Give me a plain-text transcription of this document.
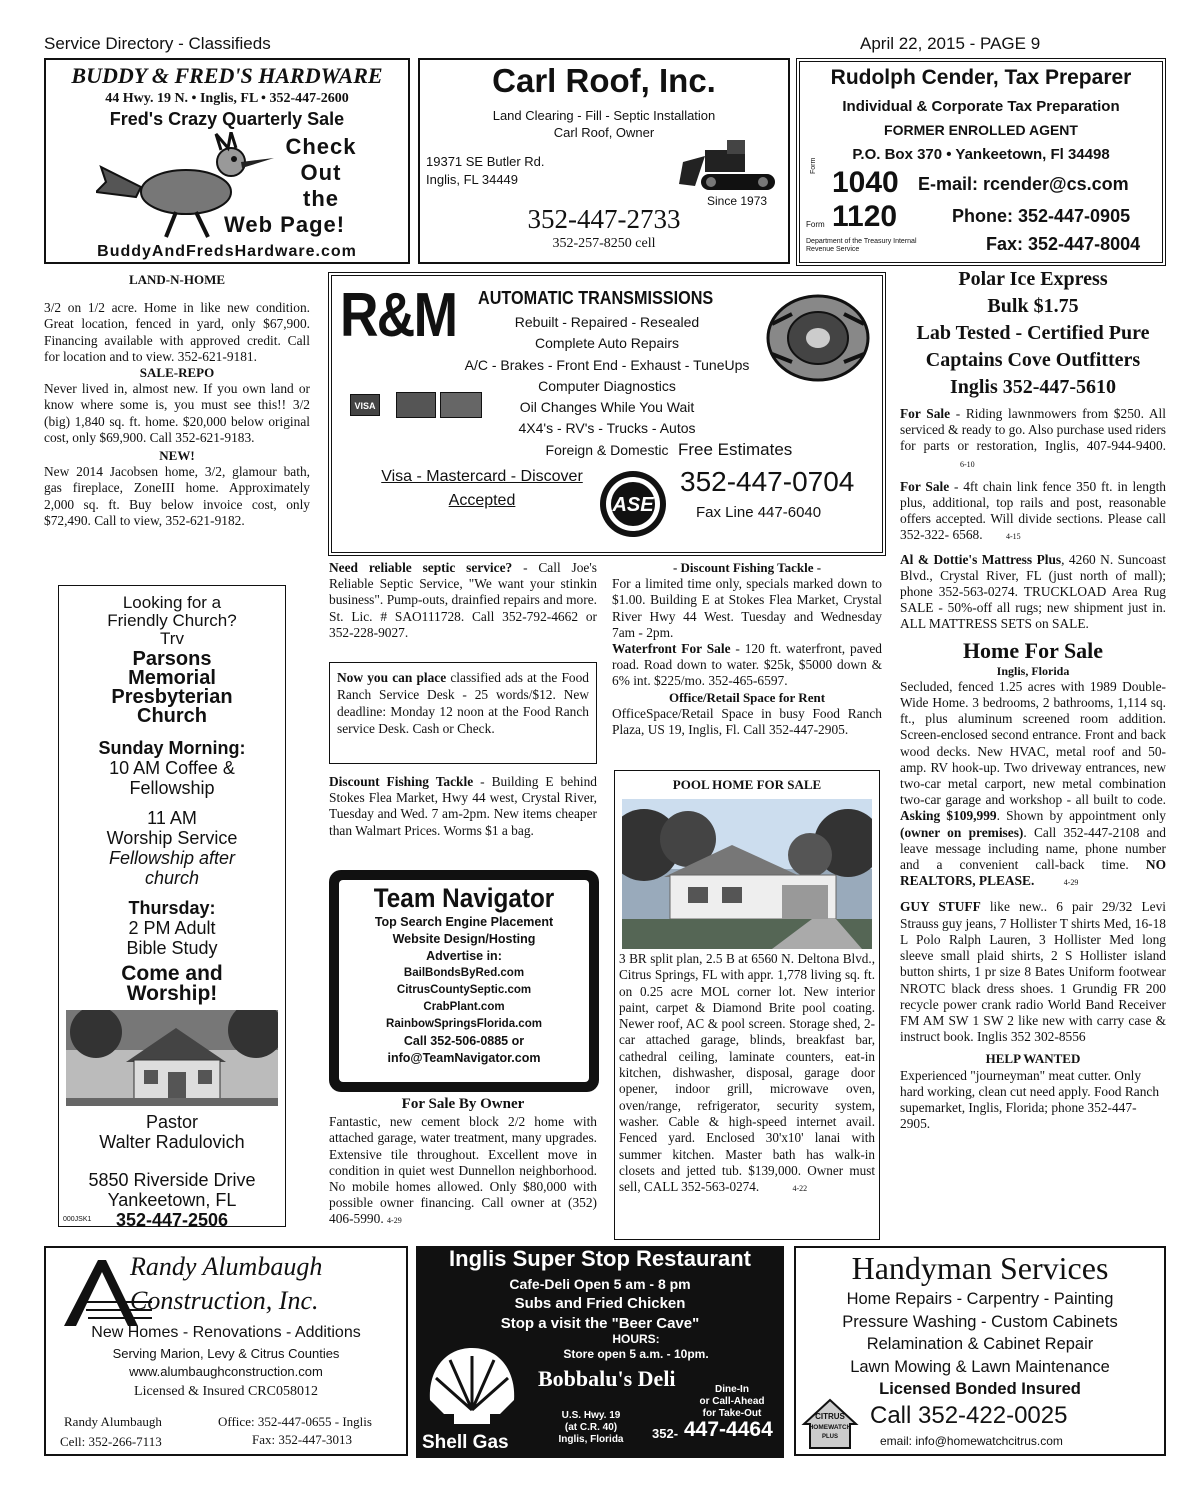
Service Directory - Classifieds	April 22, 2015 - PAGE 9
BUDDY & FRED'S HARDWARE
44 Hwy. 19 N. • Inglis, FL • 352-447-2600
Fred's Crazy Quarterly Sale
Check
Out
the
Web Page!
BuddyAndFredsHardware.com
Carl Roof, Inc.
Land Clearing - Fill - Septic Installation
Carl Roof, Owner
19371 SE Butler Rd.
Inglis, FL 34449
Since 1973
352-447-2733
352-257-8250 cell
Rudolph Cender, Tax Preparer
Individual & Corporate Tax Preparation
FORMER ENROLLED AGENT
P.O. Box 370 • Yankeetown, Fl 34498
Form
1040
Form 1120
Department of the Treasury Internal Revenue Service
E-mail: rcender@cs.com
Phone: 352-447-0905
Fax: 352-447-8004
LAND-N-HOME

3/2 on 1/2 acre. Home in like new condition. Great location, fenced in yard, only $67,900. Financing available with approved credit. Call for location and to view. 352-621-9181.

SALE-REPO

Never lived in, almost new. If you own land or know where some is, you must see this!! 3/2 (big) 1,840 sq. ft. home. $20,000 below original cost, only $69,900. Call 352-621-9183.

NEW!

New 2014 Jacobsen home, 3/2, glamour bath, gas fireplace, ZoneIII home. Approximately 2,000 sq. ft. Buy below invoice cost, only $72,490. Call to view, 352-621-9182.

Looking for a
Friendly Church?
Trv
Parsons
Memorial
Presbyterian
Church
Sunday Morning:
10 AM Coffee &
Fellowship
11 AM
Worship Service
Fellowship after
church
Thursday:
2 PM Adult
Bible Study
Come and
Worship!
Pastor
Walter Radulovich
5850 Riverside Drive
Yankeetown, FL
352-447-2506
000JSK1
R&M AUTOMATIC TRANSMISSIONS
Rebuilt - Repaired - Resealed
Complete Auto Repairs
A/C - Brakes - Front End - Exhaust - TuneUps
Computer Diagnostics
Oil Changes While You Wait
4X4's - RV's - Trucks - Autos
Foreign & Domestic
VISA
Free Estimates
Visa - Mastercard - Discover
Accepted	ASE
352-447-0704
Fax Line 447-6040

Need reliable septic service? - Call Joe's Reliable Septic Service, "We want your stinkin business". Pump-outs, drainfied repairs and more. St. Lic. # SAO111728. Call 352-792-4662 or 352-228-9027.

Now you can place classified ads at the Food Ranch Service Desk - 25 words/$12. New deadline: Monday 12 noon at the Food Ranch service Desk. Cash or Check.

Discount Fishing Tackle - Building E behind Stokes Flea Market, Hwy 44 west, Crystal River, Tuesday and Wed. 7 am-2pm. New items cheaper than Walmart Prices. Worms $1 a bag.

Team Navigator
Top Search Engine Placement
Website Design/Hosting
Advertise in:
BailBondsByRed.com
CitrusCountySeptic.com
CrabPlant.com
RainbowSpringsFlorida.com
Call 352-506-0885 or
info@TeamNavigator.com
For Sale By Owner

Fantastic, new cement block 2/2 home with attached garage, water treatment, many upgrades. Extensive tile throughout. Excellent move in condition in quiet west Dunnellon neighborhood. No mobile homes allowed. Only $80,000 with possible owner financing. Call owner at (352) 406-5990. 4-29

- Discount Fishing Tackle -

For a limited time only, specials marked down to $1.00. Building E at Stokes Flea Market, Crystal River Hwy 44 West. Tuesday and Wednesday 7am - 2pm.

Waterfront For Sale - 120 ft. waterfront, paved road. Road down to water. $25k, $5000 down & 6% int. $225/mo. 352-465-6597.

Office/Retail Space for Rent

OfficeSpace/Retail Space in busy Food Ranch Plaza, US 19, Inglis, Fl. Call 352-447-2905.

POOL HOME FOR SALE
3 BR split plan, 2.5 B at 6560 N. Deltona Blvd., Citrus Springs, FL with appr. 1,778 living sq. ft. on 0.25 acre MOL corner lot. New interior paint, carpet & Diamond Brite pool coating. Newer roof, AC & pool screen. Storage shed, 2-car attached garage, blinds, breakfast bar, cathedral ceiling, laminate counters, eat-in kitchen, dishwasher, disposal, garage door opener, indoor grill, microwave oven, oven/range, refrigerator, security system, washer. Cable & high-speed internet avail. Fenced yard. Enclosed 30'x10' lanai with summer kitchen. Master bath has walk-in closets and jetted tub. $139,000. Owner must sell, CALL 352-563-0274.	4-22
Polar Ice Express
Bulk $1.75
Lab Tested - Certified Pure
Captains Cove Outfitters
Inglis 352-447-5610

For Sale - Riding lawnmowers from $250. All serviced & ready to go. Also purchase used riders for parts or restoration, Inglis, 407-944-9400. 6-10

For Sale - 4ft chain link fence 350 ft. in length plus, additional, top rails and post, reasonable offers accepted. Will divide sections. Please call 352-322- 6568.	4-15

Al & Dottie's Mattress Plus, 4260 N. Suncoast Blvd., Crystal River, FL (just north of mall); phone 352-563-0274. TRUCKLOAD Area Rug SALE - 50%-off all rugs; new shipment just in. ALL MATTRESS SETS on SALE.

Home For Sale
Inglis, Florida

Secluded, fenced 1.25 acres with 1989 Double-Wide Home. 3 bedrooms, 2 bathrooms, 1,114 sq. ft., plus aluminum screened room addition. Screen-enclosed second entrance. Front and back wood decks. New HVAC, metal roof and 50-amp. RV hook-up. Two driveway entrances, new two-car metal carport, new metal combination two-car garage and workshop - all built to code. Asking $109,999. Shown by appointment only (owner on premises). Call 352-447-2108 and leave message including name, phone number and a convenient call-back time. NO REALTORS, PLEASE.	4-29

GUY STUFF like new.. 6 pair 29/32 Levi Strauss guy jeans, 7 Hollister T shirts Med, 16-18 L Polo Ralph Lauren, 3 Hollister Med long sleeve small plaid shirts, 2 S Hollister island button shirts, 1 pr size 8 Bates Uniform footwear NROTC black dress shoes. 1 Grundig FR 200 recycle power crank radio World Band Receiver FM AM SW 1 SW 2 like new with carry case & instruct book. Inglis 352 302-8556

HELP WANTED

Experienced "journeyman" meat cutter. Only hard working, clean cut need apply. Food Ranch supemarket, Inglis, Florida; phone 352-447-2905.

Randy Alumbaugh
Construction, Inc.
New Homes - Renovations - Additions
Serving Marion, Levy & Citrus Counties
www.alumbaughconstruction.com
Licensed & Insured CRC058012
Randy Alumbaugh
Cell: 352-266-7113
Office: 352-447-0655 - Inglis
Fax: 352-447-3013
Inglis Super Stop Restaurant
Cafe-Deli Open 5 am - 8 pm
Subs and Fried Chicken
Stop a visit the "Beer Cave"
HOURS:
Store open 5 a.m. - 10pm.
Bobbalu's Deli	Dine-In
or Call-Ahead
for Take-Out
U.S. Hwy. 19
(at C.R. 40)
Inglis, Florida	352- 447-4464
Shell Gas
Handyman Services
Home Repairs - Carpentry - Painting
Pressure Washing - Custom Cabinets
Relamination & Cabinet Repair
Lawn Mowing & Lawn Maintenance
Licensed Bonded Insured
CITRUS
HOMEWATCH
PLUS
Call 352-422-0025
email: info@homewatchcitrus.com
